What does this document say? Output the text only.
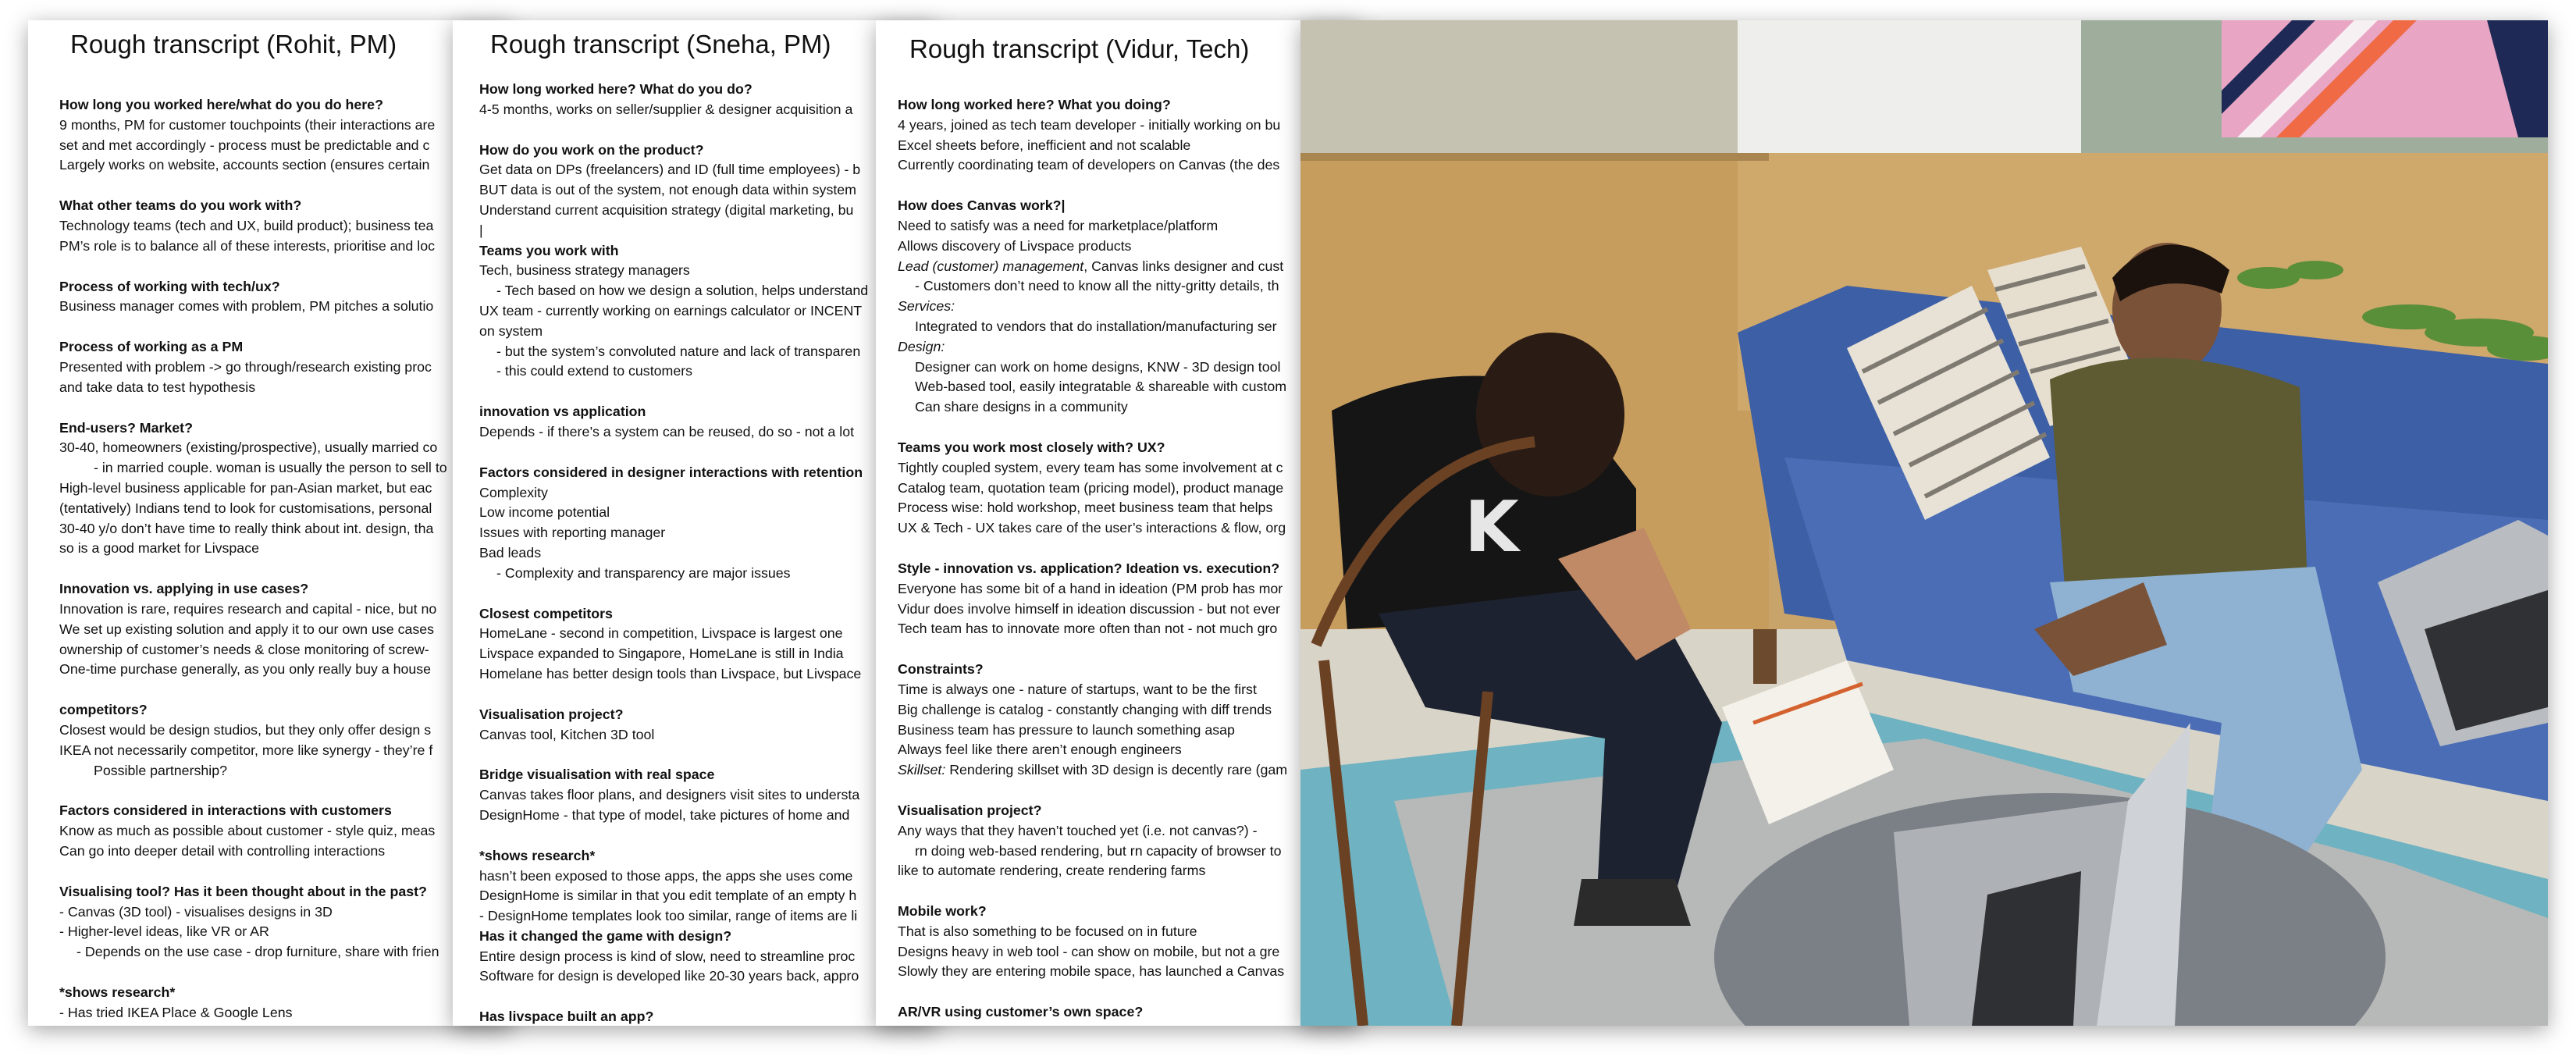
Rough transcript (Rohit, PM)
How long you worked here/what do you do here?
9 months, PM for customer touchpoints (their interactions are
set and met accordingly - process must be predictable and c
Largely works on website, accounts section (ensures certain
What other teams do you work with?
Technology teams (tech and UX, build product); business tea
PM’s role is to balance all of these interests, prioritise and loc
Process of working with tech/ux?
Business manager comes with problem, PM pitches a solutio
Process of working as a PM
Presented with problem -> go through/research existing proc
and take data to test hypothesis
End-users? Market?
30-40, homeowners (existing/prospective), usually married co
- in married couple. woman is usually the person to sell to
High-level business applicable for pan-Asian market, but eac
(tentatively) Indians tend to look for customisations, personal
30-40 y/o don’t have time to really think about int. design, tha
so is a good market for Livspace
Innovation vs. applying in use cases?
Innovation is rare, requires research and capital - nice, but no
We set up existing solution and apply it to our own use cases
ownership of customer’s needs & close monitoring of screw-
One-time purchase generally, as you only really buy a house
competitors?
Closest would be design studios, but they only offer design s
IKEA not necessarily competitor, more like synergy - they’re f
Possible partnership?
Factors considered in interactions with customers
Know as much as possible about customer - style quiz, meas
Can go into deeper detail with controlling interactions
Visualising tool? Has it been thought about in the past?
- Canvas (3D tool) - visualises designs in 3D
- Higher-level ideas, like VR or AR
- Depends on the use case - drop furniture, share with frien
*shows research*
- Has tried IKEA Place & Google Lens
Rough transcript (Sneha, PM)
How long worked here? What do you do?
4-5 months, works on seller/supplier & designer acquisition a
How do you work on the product?
Get data on DPs (freelancers) and ID (full time employees) - b
BUT data is out of the system, not enough data within system
Understand current acquisition strategy (digital marketing, bu
|
Teams you work with
Tech, business strategy managers
- Tech based on how we design a solution, helps understand
UX team - currently working on earnings calculator or INCENT
on system
- but the system’s convoluted nature and lack of transparen
- this could extend to customers
innovation vs application
Depends - if there’s a system can be reused, do so - not a lot
Factors considered in designer interactions with retention
Complexity
Low income potential
Issues with reporting manager
Bad leads
- Complexity and transparency are major issues
Closest competitors
HomeLane - second in competition, Livspace is largest one
Livspace expanded to Singapore, HomeLane is still in India
Homelane has better design tools than Livspace, but Livspace
Visualisation project?
Canvas tool, Kitchen 3D tool
Bridge visualisation with real space
Canvas takes floor plans, and designers visit sites to understa
DesignHome - that type of model, take pictures of home and
*shows research*
hasn’t been exposed to those apps, the apps she uses come
DesignHome is similar in that you edit template of an empty h
- DesignHome templates look too similar, range of items are li
Has it changed the game with design?
Entire design process is kind of slow, need to streamline proc
Software for design is developed like 20-30 years back, appro
Has livspace built an app?
Rough transcript (Vidur, Tech)
How long worked here? What you doing?
4 years, joined as tech team developer - initially working on bu
Excel sheets before, inefficient and not scalable
Currently coordinating team of developers on Canvas (the des
How does Canvas work?|
Need to satisfy was a need for marketplace/platform
Allows discovery of Livspace products
Lead (customer) management, Canvas links designer and cust
- Customers don’t need to know all the nitty-gritty details, th
Services:
Integrated to vendors that do installation/manufacturing ser
Design:
Designer can work on home designs, KNW - 3D design tool
Web-based tool, easily integratable & shareable with custom
Can share designs in a community
Teams you work most closely with? UX?
Tightly coupled system, every team has some involvement at c
Catalog team, quotation team (pricing model), product manage
Process wise: hold workshop, meet business team that helps
UX & Tech - UX takes care of the user’s interactions & flow, org
Style - innovation vs. application? Ideation vs. execution?
Everyone has some bit of a hand in ideation (PM prob has mor
Vidur does involve himself in ideation discussion - but not ever
Tech team has to innovate more often than not - not much gro
Constraints?
Time is always one - nature of startups, want to be the first
Big challenge is catalog - constantly changing with diff trends
Business team has pressure to launch something asap
Always feel like there aren’t enough engineers
Skillset: Rendering skillset with 3D design is decently rare (gam
Visualisation project?
Any ways that they haven’t touched yet (i.e. not canvas?) -
rn doing web-based rendering, but rn capacity of browser to
like to automate rendering, create rendering farms
Mobile work?
That is also something to be focused on in future
Designs heavy in web tool - can show on mobile, but not a gre
Slowly they are entering mobile space, has launched a Canvas
AR/VR using customer’s own space?
K
